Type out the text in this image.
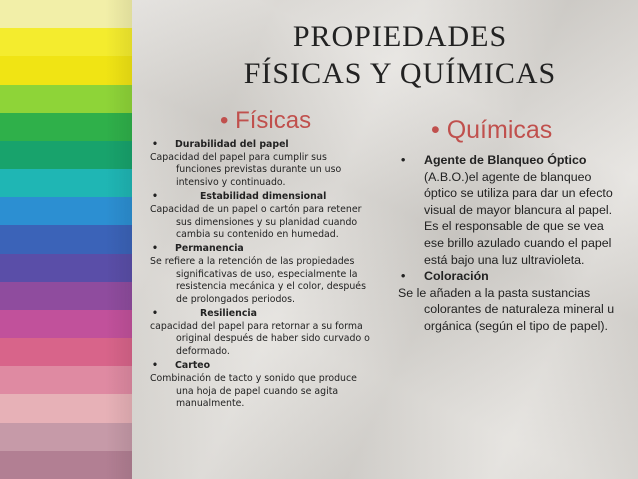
PROPIEDADES
FÍSICAS Y QUÍMICAS
• Físicas	• Químicas
• Durabilidad del papel
Capacidad del papel para cumplir sus
funciones previstas durante un uso intensivo y continuado.
•	Estabilidad dimensional
Capacidad de un papel o cartón para retener
sus dimensiones y su planidad cuando cambia su contenido en humedad.
• Permanencia
Se refiere a la retención de las propiedades
significativas de uso, especialmente la resistencia mecánica y el color, después de prolongados periodos.
•	Resiliencia
capacidad del papel para retornar a su forma
original después de haber sido curvado o deformado.
• Carteo
Combinación de tacto y sonido que produce
una hoja de papel cuando se agita manualmente.
• Agente de Blanqueo Óptico
(A.B.O.)el agente de blanqueo óptico se utiliza para dar un efecto visual de mayor blancura al papel. Es el responsable de que se vea ese brillo azulado cuando el papel está bajo una luz ultravioleta.
• Coloración
Se le añaden a la pasta sustancias
colorantes de naturaleza mineral u orgánica (según el tipo de papel).
